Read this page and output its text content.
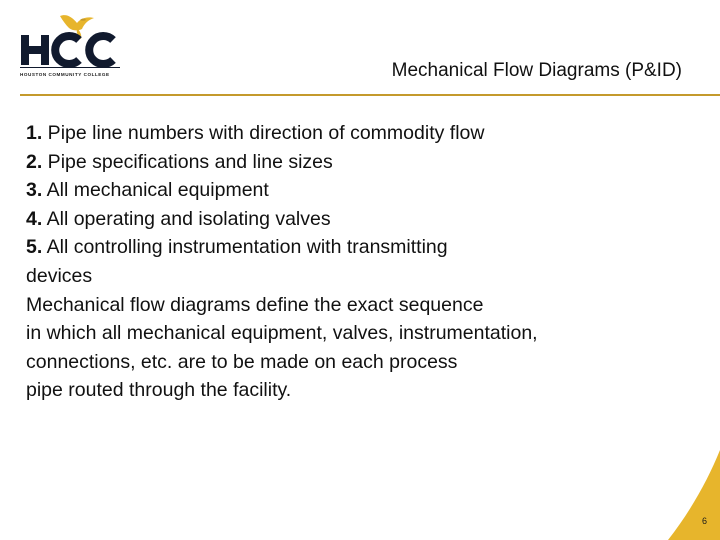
HOUSTON COMMUNITY COLLEGE	Mechanical Flow Diagrams (P&ID)
1. Pipe line numbers with direction of commodity flow
2. Pipe specifications and line sizes
3. All mechanical equipment
4. All operating and isolating valves
5. All controlling instrumentation with transmitting
devices
Mechanical flow diagrams define the exact sequence
in which all mechanical equipment, valves, instrumentation,
connections, etc. are to be made on each process
pipe routed through the facility.
6
